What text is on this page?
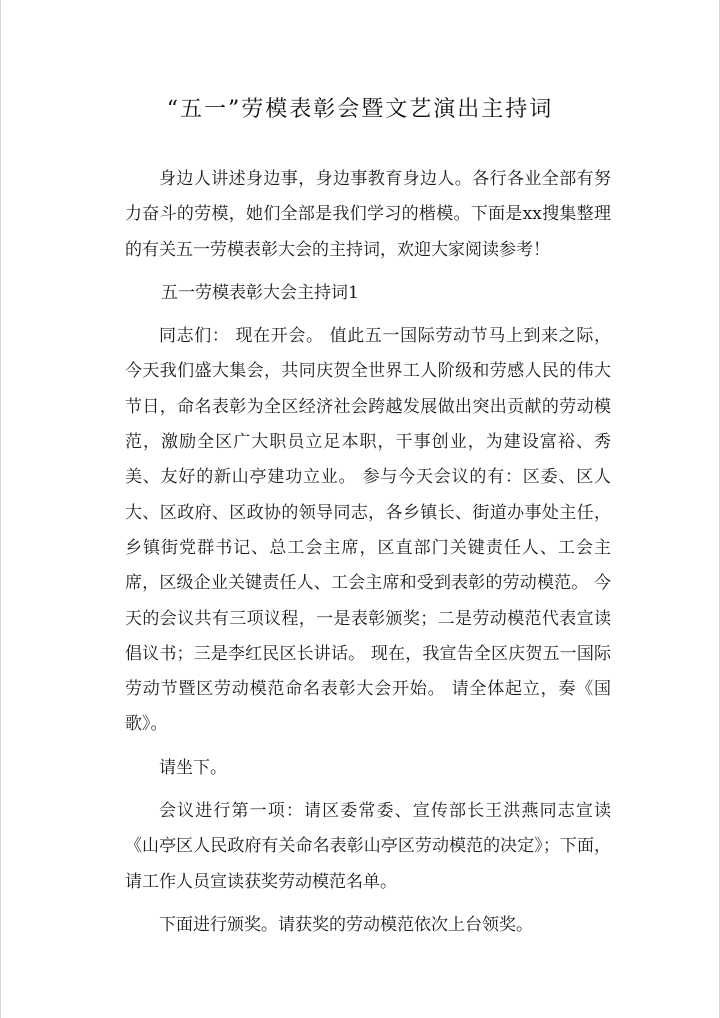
“五一”劳模表彰会暨文艺演出主持词

身边人讲述身边事，身边事教育身边人。各行各业全部有努力奋斗的劳模，她们全部是我们学习的楷模。下面是xx搜集整理的有关五一劳模表彰大会的主持词，欢迎大家阅读参考！

五一劳模表彰大会主持词1

同志们： 现在开会。 值此五一国际劳动节马上到来之际，今天我们盛大集会，共同庆贺全世界工人阶级和劳感人民的伟大节日，命名表彰为全区经济社会跨越发展做出突出贡献的劳动模范，激励全区广大职员立足本职，干事创业，为建设富裕、秀美、友好的新山亭建功立业。 参与今天会议的有：区委、区人大、区政府、区政协的领导同志，各乡镇长、街道办事处主任，乡镇街党群书记、总工会主席，区直部门关键责任人、工会主席，区级企业关键责任人、工会主席和受到表彰的劳动模范。 今天的会议共有三项议程，一是表彰颁奖；二是劳动模范代表宣读倡议书；三是李红民区长讲话。 现在，我宣告全区庆贺五一国际劳动节暨区劳动模范命名表彰大会开始。 请全体起立，奏《国歌》。

请坐下。

会议进行第一项：请区委常委、宣传部长王洪燕同志宣读《山亭区人民政府有关命名表彰山亭区劳动模范的决定》；下面，请工作人员宣读获奖劳动模范名单。

下面进行颁奖。请获奖的劳动模范依次上台领奖。
